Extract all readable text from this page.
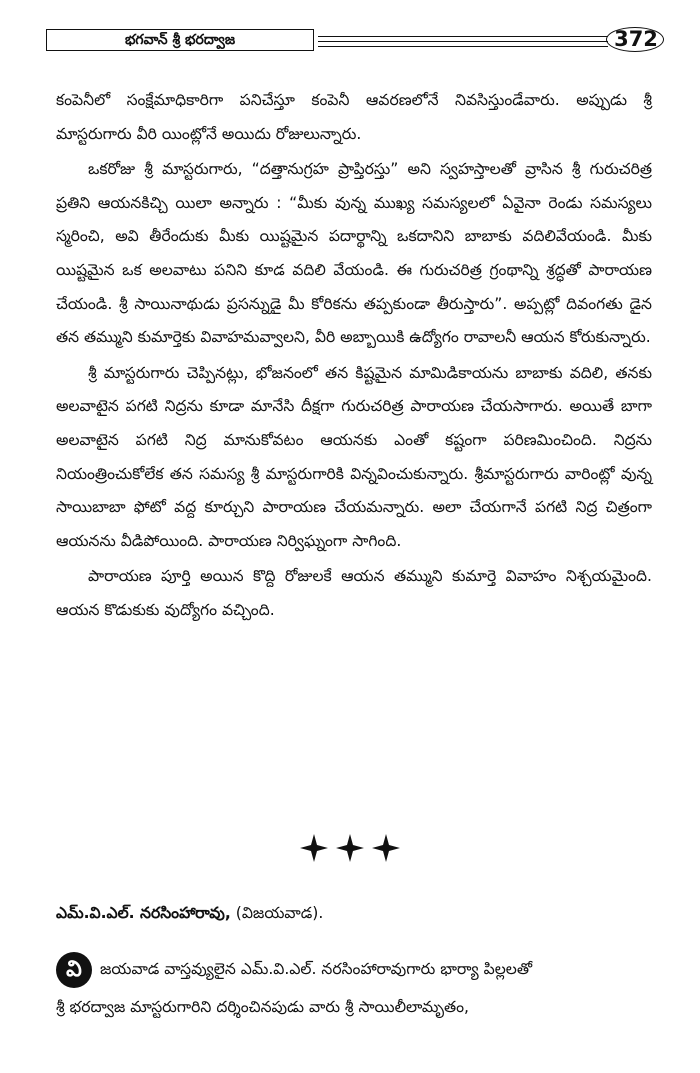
భగవాన్ శ్రీ భరద్వాజ	372

కంపెనీలో సంక్షేమాధికారిగా పనిచేస్తూ కంపెనీ ఆవరణలోనే నివసిస్తుండేవారు. అప్పుడు శ్రీ మాస్టరుగారు వీరి యింట్లోనే అయిదు రోజులున్నారు.

ఒకరోజు శ్రీ మాస్టరుగారు, “దత్తానుగ్రహ ప్రాప్తిరస్తు” అని స్వహస్తాలతో వ్రాసిన శ్రీ గురుచరిత్ర ప్రతిని ఆయనకిచ్చి యిలా అన్నారు : “మీకు వున్న ముఖ్య సమస్యలలో ఏవైనా రెండు సమస్యలు స్మరించి, అవి తీరేందుకు మీకు యిష్టమైన పదార్థాన్ని ఒకదానిని బాబాకు వదిలివేయండి. మీకు యిష్టమైన ఒక అలవాటు పనిని కూడ వదిలి వేయండి. ఈ గురుచరిత్ర గ్రంథాన్ని శ్రద్ధతో పారాయణ చేయండి. శ్రీ సాయినాథుడు ప్రసన్నుడై మీ కోరికను తప్పకుండా తీరుస్తారు”. అప్పట్లో దివంగతు డైన తన తమ్ముని కుమార్తెకు వివాహమవ్వాలని, వీరి అబ్బాయికి ఉద్యోగం రావాలనీ ఆయన కోరుకున్నారు.

శ్రీ మాస్టరుగారు చెప్పినట్లు, భోజనంలో తన కిష్టమైన మామిడికాయను బాబాకు వదిలి, తనకు అలవాటైన పగటి నిద్రను కూడా మానేసి దీక్షగా గురుచరిత్ర పారాయణ చేయసాగారు. అయితే బాగా అలవాటైన పగటి నిద్ర మానుకోవటం ఆయనకు ఎంతో కష్టంగా పరిణమించింది. నిద్రను నియంత్రించుకోలేక తన సమస్య శ్రీ మాస్టరుగారికి విన్నవించుకున్నారు. శ్రీమాస్టరుగారు వారింట్లో వున్న సాయిబాబా ఫోటో వద్ద కూర్చుని పారాయణ చేయమన్నారు. అలా చేయగానే పగటి నిద్ర చిత్రంగా ఆయనను వీడిపోయింది. పారాయణ నిర్విఘ్నంగా సాగింది.

పారాయణ పూర్తి అయిన కొద్ది రోజులకే ఆయన తమ్ముని కుమార్తె వివాహం నిశ్చయమైంది. ఆయన కొడుకుకు వుద్యోగం వచ్చింది.

ఎమ్.వి.ఎల్. నరసింహారావు, (విజయవాడ).
వి	జయవాడ వాస్తవ్యులైన ఎమ్.వి.ఎల్. నరసింహారావుగారు భార్యా పిల్లలతో
శ్రీ భరద్వాజ మాస్టరుగారిని దర్శించినపుడు వారు శ్రీ సాయిలీలామృతం,
